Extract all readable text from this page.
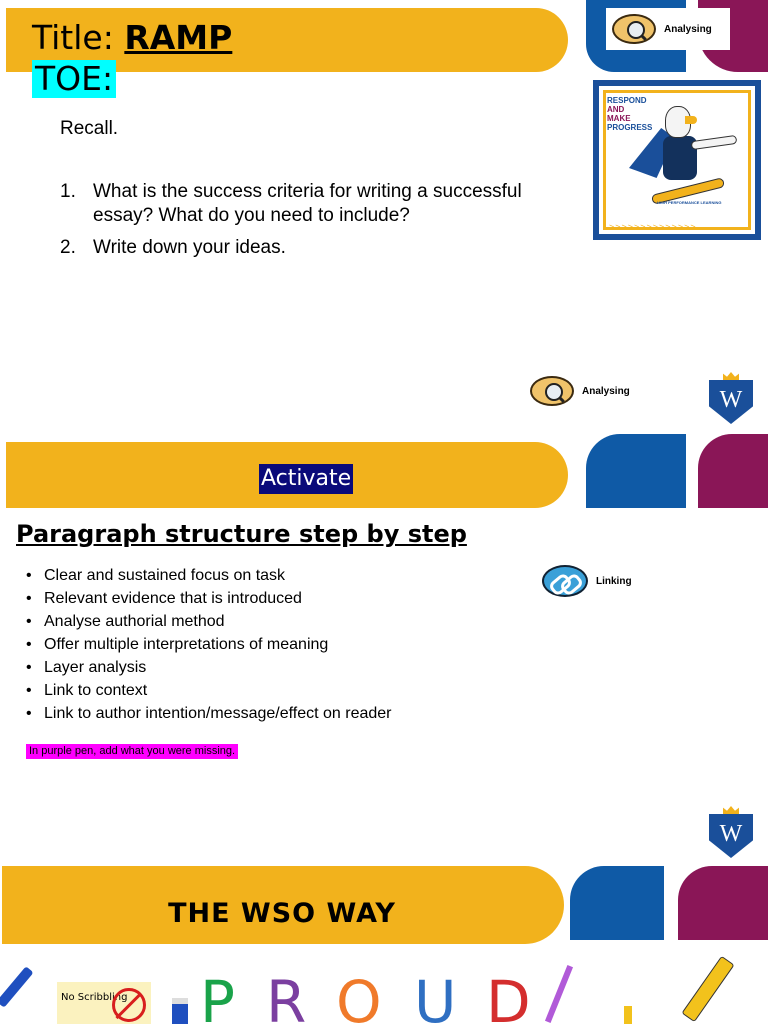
Title: RAMP
TOE:
Analysing
Recall.
1. What is the success criteria for writing a successful essay? What do you need to include?
2. Write down your ideas.
RESPOND
AND
MAKE
PROGRESS
HIGH PERFORMANCE LEARNING
>>>>>>>>>>>>>>
PROGRESS
Analysing	W
Activate
Paragraph structure step by step
• Clear and sustained focus on task
• Relevant evidence that is introduced
• Analyse authorial method
• Offer multiple interpretations of meaning
• Layer analysis
• Link to context
• Link to author intention/message/effect on reader
In purple pen, add what you were missing.
Linking
W
THE WSO WAY
No Scribbling	P R O U D
